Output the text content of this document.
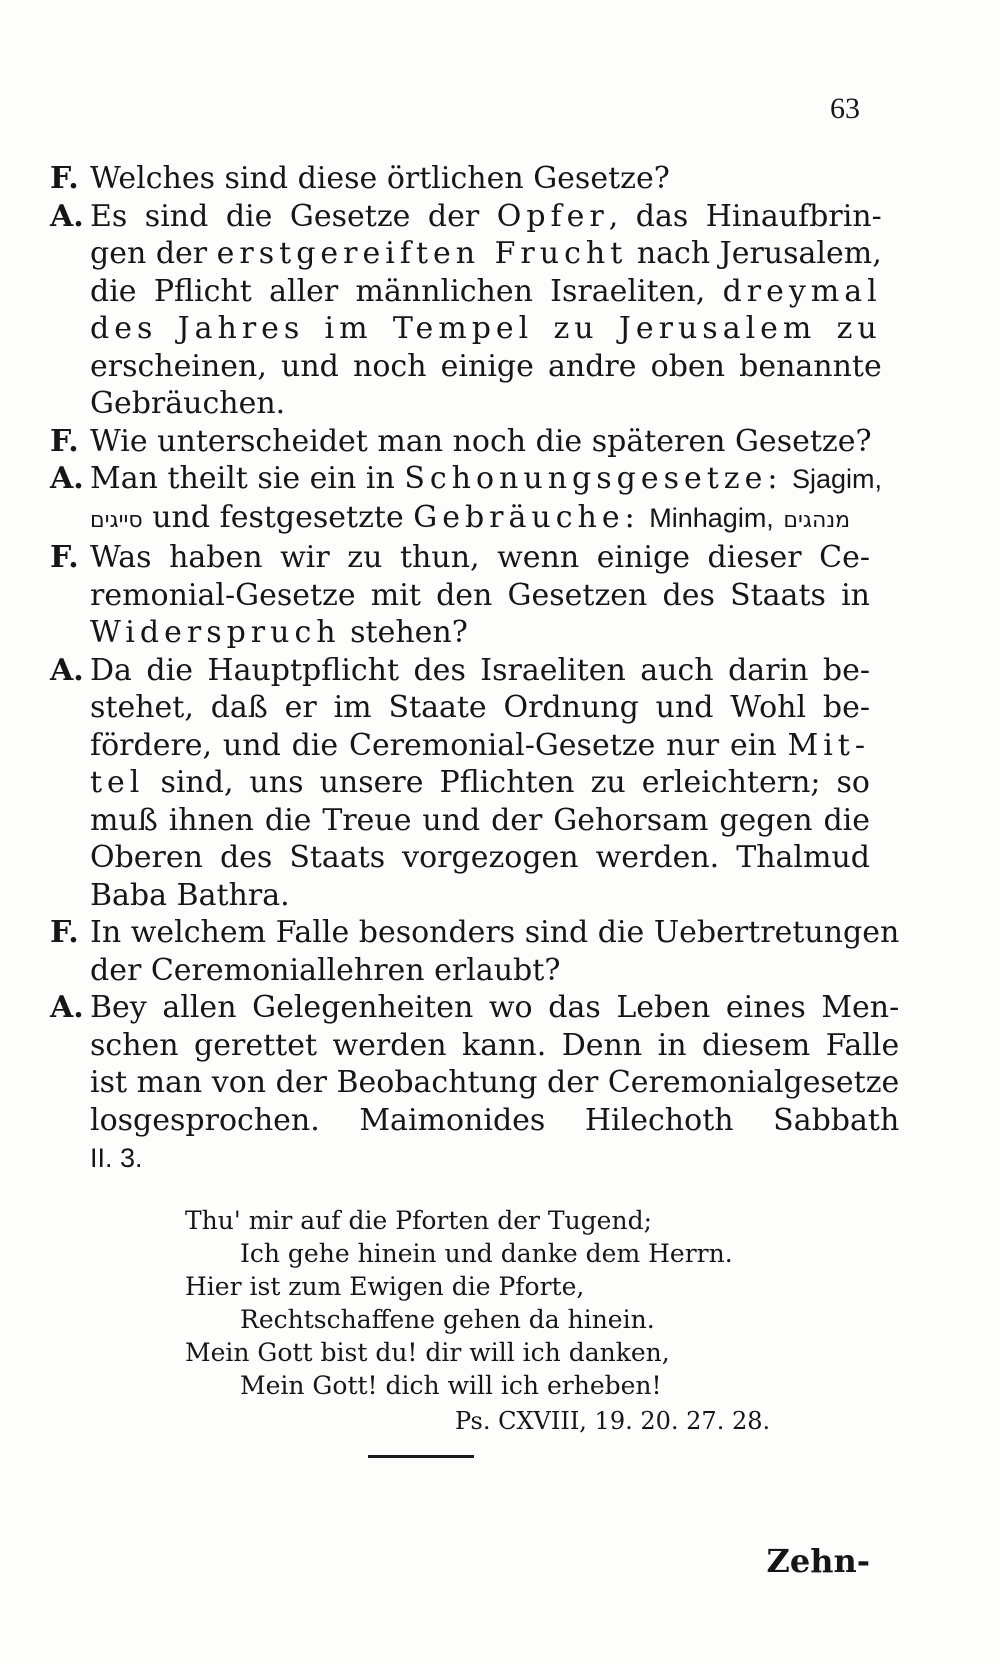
63
F. Welches sind diese örtlichen Gesetze?
A. Es sind die Gesetze der Opfer, das Hinaufbrin-
gen der erstgereiften Frucht nach Jerusalem,
die Pflicht aller männlichen Israeliten, dreymal
des Jahres im Tempel zu Jerusalem zu
erscheinen, und noch einige andre oben benannte
Gebräuchen.
F. Wie unterscheidet man noch die späteren Gesetze?
A. Man theilt sie ein in Schonungsgesetze: Sjagim,
סייגים und festgesetzte Gebräuche: Minhagim, מנהגים
F. Was haben wir zu thun, wenn einige dieser Ce-
remonial-Gesetze mit den Gesetzen des Staats in
Widerspruch stehen?
A. Da die Hauptpflicht des Israeliten auch darin be-
stehet, daß er im Staate Ordnung und Wohl be-
fördere, und die Ceremonial-Gesetze nur ein Mit-
tel sind, uns unsere Pflichten zu erleichtern; so
muß ihnen die Treue und der Gehorsam gegen die
Oberen des Staats vorgezogen werden. Thalmud
Baba Bathra.
F. In welchem Falle besonders sind die Uebertretungen
der Ceremoniallehren erlaubt?
A. Bey allen Gelegenheiten wo das Leben eines Men-
schen gerettet werden kann. Denn in diesem Falle
ist man von der Beobachtung der Ceremonialgesetze
losgesprochen. Maimonides Hilechoth Sabbath
II. 3.
Thu' mir auf die Pforten der Tugend;
Ich gehe hinein und danke dem Herrn.
Hier ist zum Ewigen die Pforte,
Rechtschaffene gehen da hinein.
Mein Gott bist du! dir will ich danken,
Mein Gott! dich will ich erheben!
Ps. CXVIII, 19. 20. 27. 28.
Zehn-
